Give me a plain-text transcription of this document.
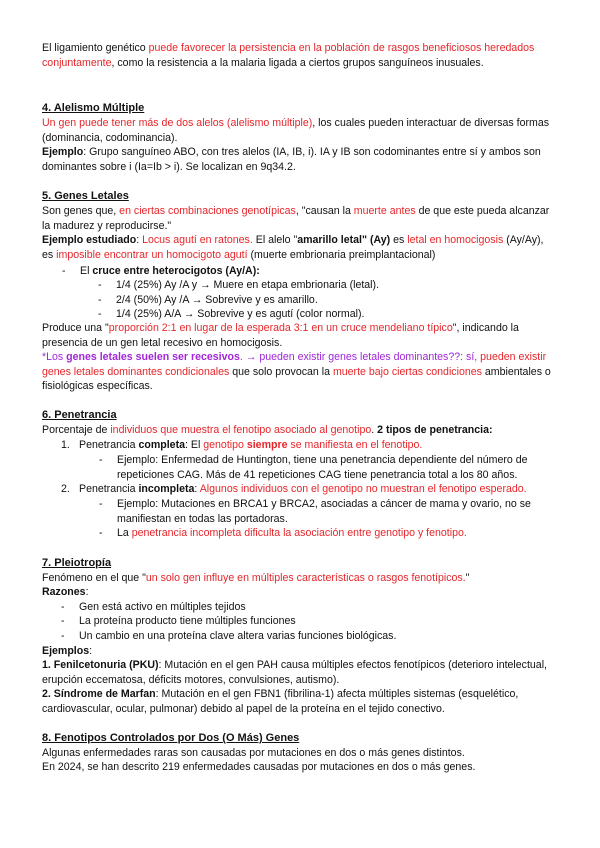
El ligamiento genético puede favorecer la persistencia en la población de rasgos beneficiosos heredados conjuntamente, como la resistencia a la malaria ligada a ciertos grupos sanguíneos inusuales.

4. Alelismo Múltiple

Un gen puede tener más de dos alelos (alelismo múltiple), los cuales pueden interactuar de diversas formas (dominancia, codominancia).

Ejemplo: Grupo sanguíneo ABO, con tres alelos (IA, IB, i). IA y IB son codominantes entre sí y ambos son dominantes sobre i (Ia=Ib > i). Se localizan en 9q34.2.

5. Genes Letales

Son genes que, en ciertas combinaciones genotípicas, "causan la muerte antes de que este pueda alcanzar la madurez y reproducirse."

Ejemplo estudiado: Locus agutí en ratones. El alelo "amarillo letal" (Ay) es letal en homocigosis (Ay/Ay), es imposible encontrar un homocigoto agutí (muerte embrionaria preimplantacional)

- El cruce entre heterocigotos (Ay/A):
- 1/4 (25%) Ay /A y → Muere en etapa embrionaria (letal).
- 2/4 (50%) Ay /A → Sobrevive y es amarillo.
- 1/4 (25%) A/A → Sobrevive y es agutí (color normal).

Produce una "proporción 2:1 en lugar de la esperada 3:1 en un cruce mendeliano típico", indicando la presencia de un gen letal recesivo en homocigosis.

*Los genes letales suelen ser recesivos. → pueden existir genes letales dominantes??: sí, pueden existir genes letales dominantes condicionales que solo provocan la muerte bajo ciertas condiciones ambientales o fisiológicas específicas.

6. Penetrancia

Porcentaje de individuos que muestra el fenotipo asociado al genotipo. 2 tipos de penetrancia:

1. Penetrancia completa: El genotipo siempre se manifiesta en el fenotipo.
- Ejemplo: Enfermedad de Huntington, tiene una penetrancia dependiente del número de repeticiones CAG. Más de 41 repeticiones CAG tiene penetrancia total a los 80 años.
2. Penetrancia incompleta: Algunos individuos con el genotipo no muestran el fenotipo esperado.
- Ejemplo: Mutaciones en BRCA1 y BRCA2, asociadas a cáncer de mama y ovario, no se manifiestan en todas las portadoras.
- La penetrancia incompleta dificulta la asociación entre genotipo y fenotipo.

7. Pleiotropía

Fenómeno en el que "un solo gen influye en múltiples características o rasgos fenotípicos."

Razones:

- Gen está activo en múltiples tejidos
- La proteína producto tiene múltiples funciones
- Un cambio en una proteína clave altera varias funciones biológicas.

Ejemplos:

1. Fenilcetonuria (PKU): Mutación en el gen PAH causa múltiples efectos fenotípicos (deterioro intelectual, erupción eccematosa, déficits motores, convulsiones, autismo).

2. Síndrome de Marfan: Mutación en el gen FBN1 (fibrilina-1) afecta múltiples sistemas (esquelético, cardiovascular, ocular, pulmonar) debido al papel de la proteína en el tejido conectivo.

8. Fenotipos Controlados por Dos (O Más) Genes

Algunas enfermedades raras son causadas por mutaciones en dos o más genes distintos.

En 2024, se han descrito 219 enfermedades causadas por mutaciones en dos o más genes.
